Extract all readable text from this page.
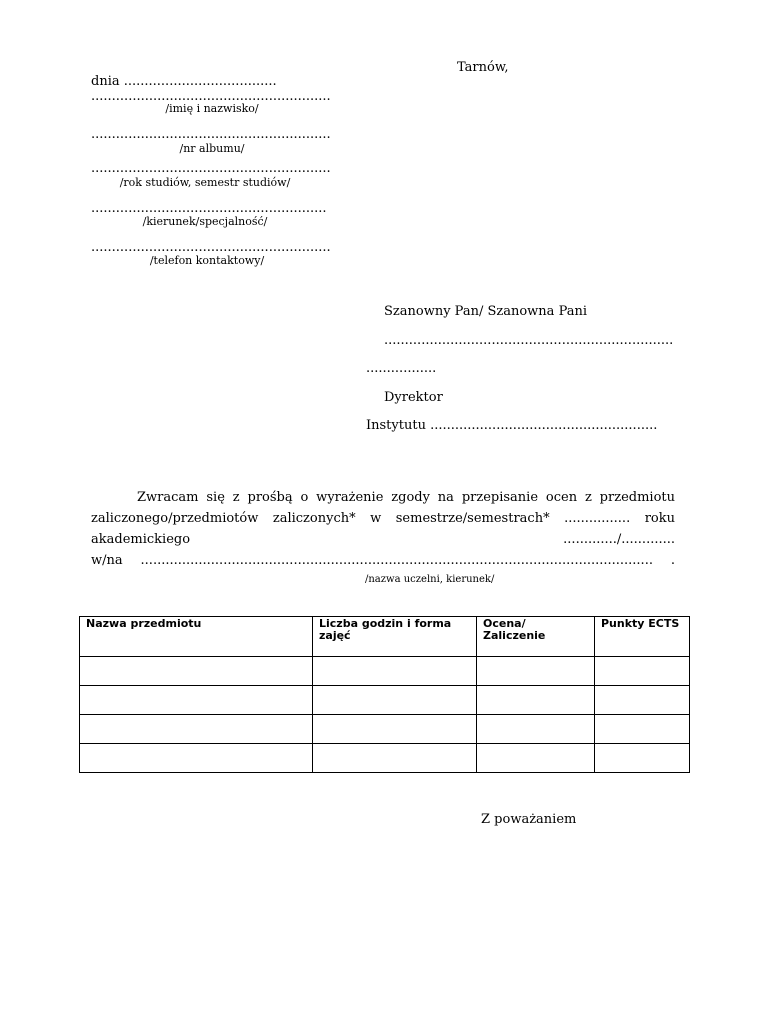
Tarnów,
dnia .....................................
..........................................................
/imię i nazwisko/
..........................................................
/nr albumu/
..........................................................
/rok studiów, semestr studiów/
.........................................................
/kierunek/specjalność/
..........................................................
/telefon kontaktowy/
Szanowny Pan/ Szanowna Pani
......................................................................
.................
Dyrektor
Instytutu .......................................................
Zwracam się z prośbą o wyrażenie zgody na przepisanie ocen z przedmiotu
zaliczonego/przedmiotów zaliczonych* w semestrze/semestrach* ................ roku
akademickiego	............./.............
w/na ............................................................................................................................ .
/nazwa uczelni, kierunek/
Nazwa przedmiotu	Liczba godzin i forma zajęć	Ocena/ Zaliczenie	Punkty ECTS

Z poważaniem
